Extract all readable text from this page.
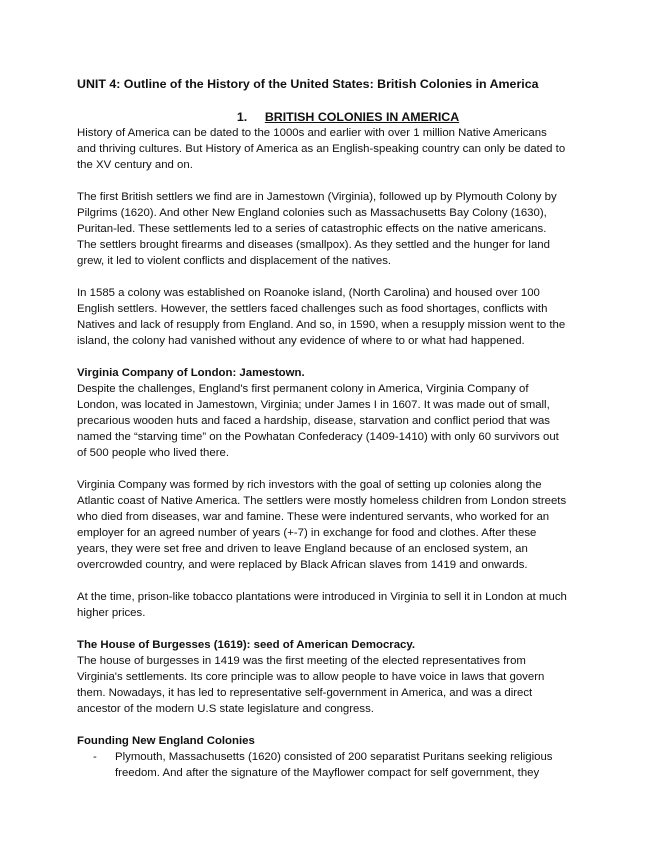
UNIT 4: Outline of the History of the United States: British Colonies in America
1. BRITISH COLONIES IN AMERICA

History of America can be dated to the 1000s and earlier with over 1 million Native Americans and thriving cultures. But History of America as an English-speaking country can only be dated to the XV century and on.

The first British settlers we find are in Jamestown (Virginia), followed up by Plymouth Colony by Pilgrims (1620). And other New England colonies such as Massachusetts Bay Colony (1630), Puritan-led. These settlements led to a series of catastrophic effects on the native americans. The settlers brought firearms and diseases (smallpox). As they settled and the hunger for land grew, it led to violent conflicts and displacement of the natives.

In 1585 a colony was established on Roanoke island, (North Carolina) and housed over 100 English settlers. However, the settlers faced challenges such as food shortages, conflicts with Natives and lack of resupply from England. And so, in 1590, when a resupply mission went to the island, the colony had vanished without any evidence of where to or what had happened.

Virginia Company of London: Jamestown.

Despite the challenges, England's first permanent colony in America, Virginia Company of London, was located in Jamestown, Virginia; under James I in 1607. It was made out of small, precarious wooden huts and faced a hardship, disease, starvation and conflict period that was named the “starving time” on the Powhatan Confederacy (1409-1410) with only 60 survivors out of 500 people who lived there.

Virginia Company was formed by rich investors with the goal of setting up colonies along the Atlantic coast of Native America. The settlers were mostly homeless children from London streets who died from diseases, war and famine. These were indentured servants, who worked for an employer for an agreed number of years (+-7) in exchange for food and clothes. After these years, they were set free and driven to leave England because of an enclosed system, an overcrowded country, and were replaced by Black African slaves from 1419 and onwards.

At the time, prison-like tobacco plantations were introduced in Virginia to sell it in London at much higher prices.

The House of Burgesses (1619): seed of American Democracy.

The house of burgesses in 1419 was the first meeting of the elected representatives from Virginia's settlements. Its core principle was to allow people to have voice in laws that govern them. Nowadays, it has led to representative self-government in America, and was a direct ancestor of the modern U.S state legislature and congress.

Founding New England Colonies
- Plymouth, Massachusetts (1620) consisted of 200 separatist Puritans seeking religious freedom. And after the signature of the Mayflower compact for self government, they
